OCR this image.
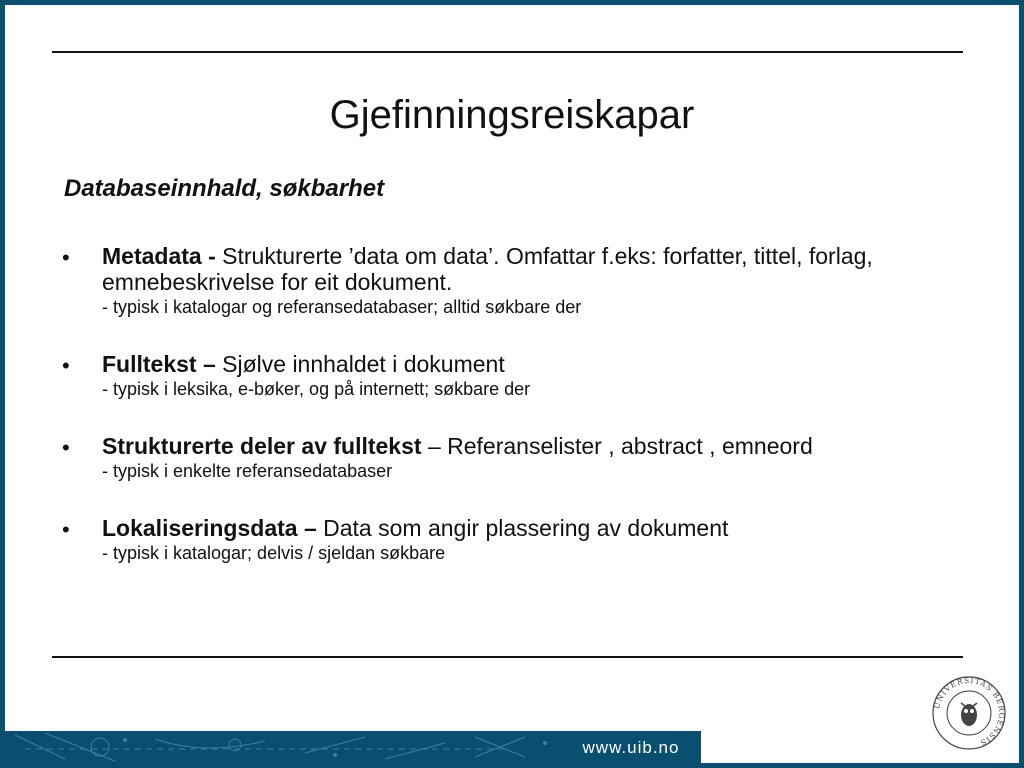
Gjefinningsreiskapar
Databaseinnhald, søkbarhet
• Metadata - Strukturerte ’data om data’. Omfattar f.eks: forfatter, tittel, forlag, emnebeskrivelse for eit dokument.
- typisk i katalogar og referansedatabaser; alltid søkbare der
• Fulltekst – Sjølve innhaldet i dokument
- typisk i leksika, e-bøker, og på internett; søkbare der
• Strukturerte deler av fulltekst – Referanselister , abstract , emneord
- typisk i enkelte referansedatabaser
• Lokaliseringsdata – Data som angir plassering av dokument
- typisk i katalogar; delvis / sjeldan søkbare
www.uib.no
UNIVERSITAS BERGENSIS
